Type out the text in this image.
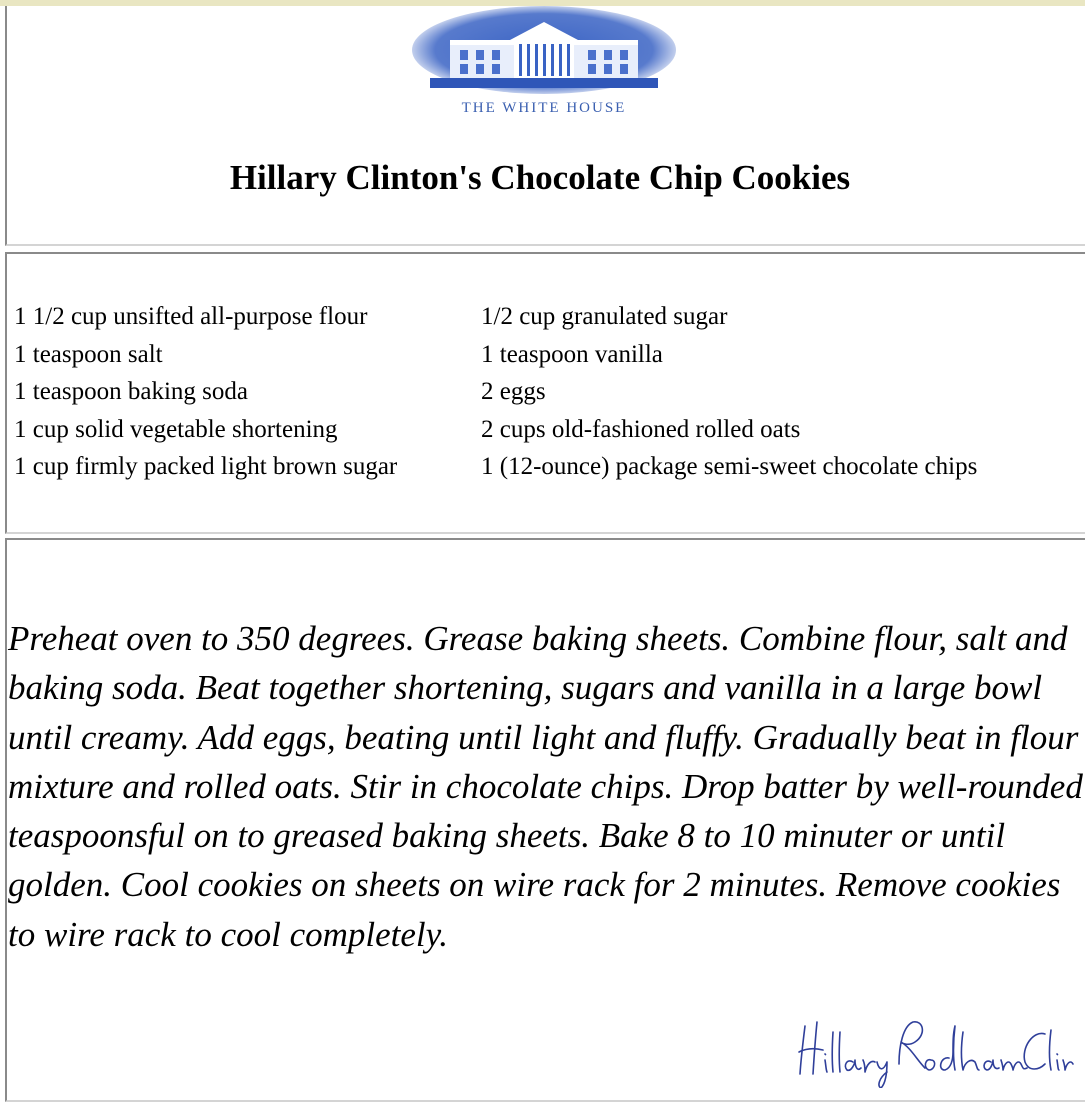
THE WHITE HOUSE
Hillary Clinton's Chocolate Chip Cookies
1 1/2 cup unsifted all-purpose flour
1 teaspoon salt
1 teaspoon baking soda
1 cup solid vegetable shortening
1 cup firmly packed light brown sugar
1/2 cup granulated sugar
1 teaspoon vanilla
2 eggs
2 cups old-fashioned rolled oats
1 (12-ounce) package semi-sweet chocolate chips

Preheat oven to 350 degrees. Grease baking sheets. Combine flour, salt and baking soda. Beat together shortening, sugars and vanilla in a large bowl until creamy. Add eggs, beating until light and fluffy. Gradually beat in flour mixture and rolled oats. Stir in chocolate chips. Drop batter by well-rounded teaspoonsful on to greased baking sheets. Bake 8 to 10 minuter or until golden. Cool cookies on sheets on wire rack for 2 minutes. Remove cookies to wire rack to cool completely.
